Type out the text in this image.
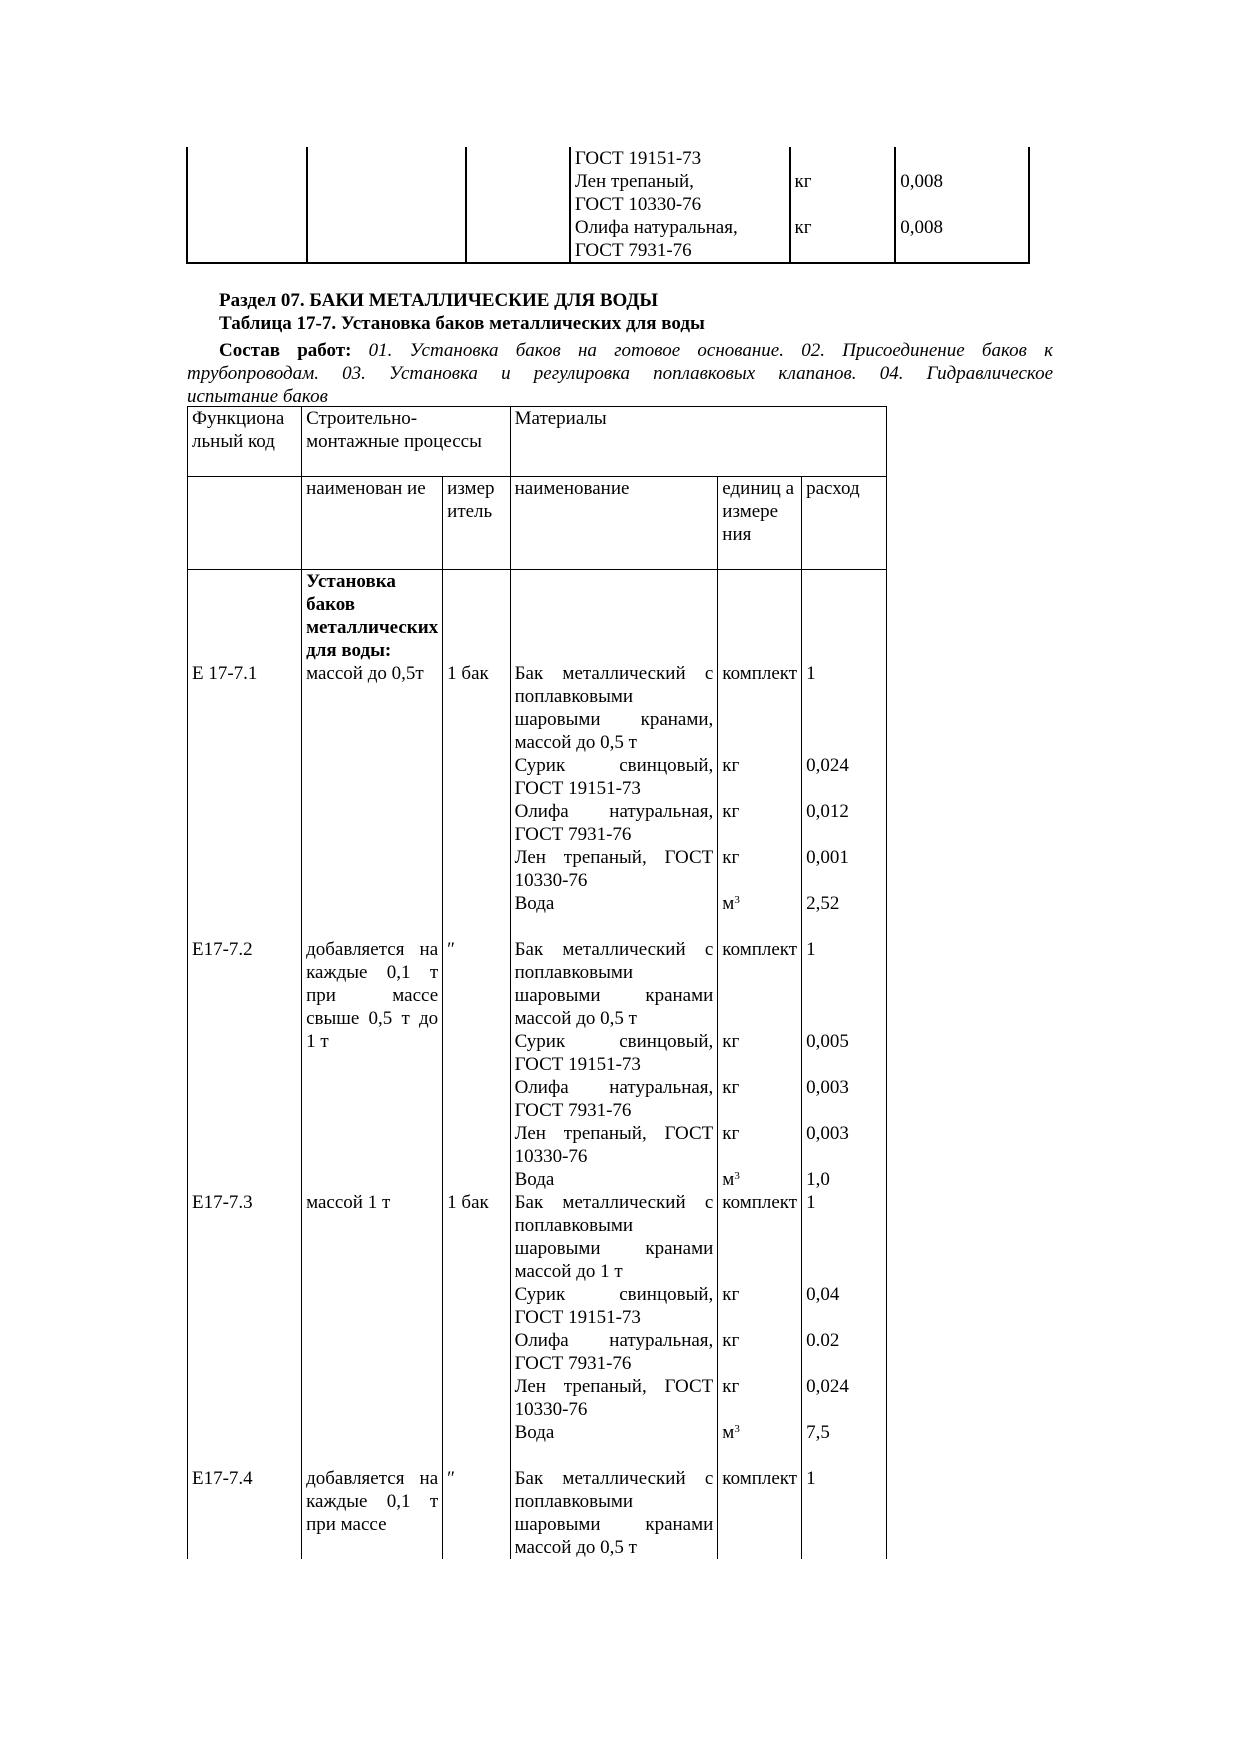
			ГОСТ 19151-73		
			Лен трепаный,
ГОСТ 10330-76	кг	0,008
			Олифа натуральная,
ГОСТ 7931-76	кг	0,008
Раздел 07. БАКИ МЕТАЛЛИЧЕСКИЕ ДЛЯ ВОДЫ
Таблица 17-7. Установка баков металлических для воды

Состав работ: 01. Установка баков на готовое основание. 02. Присоединение баков к

трубопроводам. 03. Установка и регулировка поплавковых клапанов. 04. Гидравлическое

испытание баков

Функциона льный код	Строительно-монтажные процессы		Материалы		
	наименован ие	измер итель	наименование	единиц а измере ния	расход
	Установка баков металлических для воды:				
Е 17-7.1	массой до 0,5т	1 бак	Бак металлический с поплавковыми шаровыми кранами, массой до 0,5 т	комплект	1
			Сурик свинцовый, ГОСТ 19151-73	кг	0,024
			Олифа натуральная, ГОСТ 7931-76	кг	0,012
			Лен трепаный, ГОСТ 10330-76	кг	0,001
			Вода	$м^3$	2,52

Е17-7.2	добавляется на каждые 0,1 т при массе свыше 0,5 т до 1 т	″	Бак металлический с поплавковыми шаровыми кранами массой до 0,5 т	комплект	1
			Сурик свинцовый, ГОСТ 19151-73	кг	0,005
			Олифа натуральная, ГОСТ 7931-76	кг	0,003
			Лен трепаный, ГОСТ 10330-76	кг	0,003
			Вода	$м^3$	1,0
Е17-7.3	массой 1 т	1 бак	Бак металлический с поплавковыми шаровыми кранами массой до 1 т	комплект	1
			Сурик свинцовый, ГОСТ 19151-73	кг	0,04
			Олифа натуральная, ГОСТ 7931-76	кг	0.02
			Лен трепаный, ГОСТ 10330-76	кг	0,024
			Вода	$м^3$	7,5

Е17-7.4	добавляется на каждые 0,1 т при массе	″	Бак металлический с поплавковыми шаровыми кранами массой до 0,5 т	комплект	1
